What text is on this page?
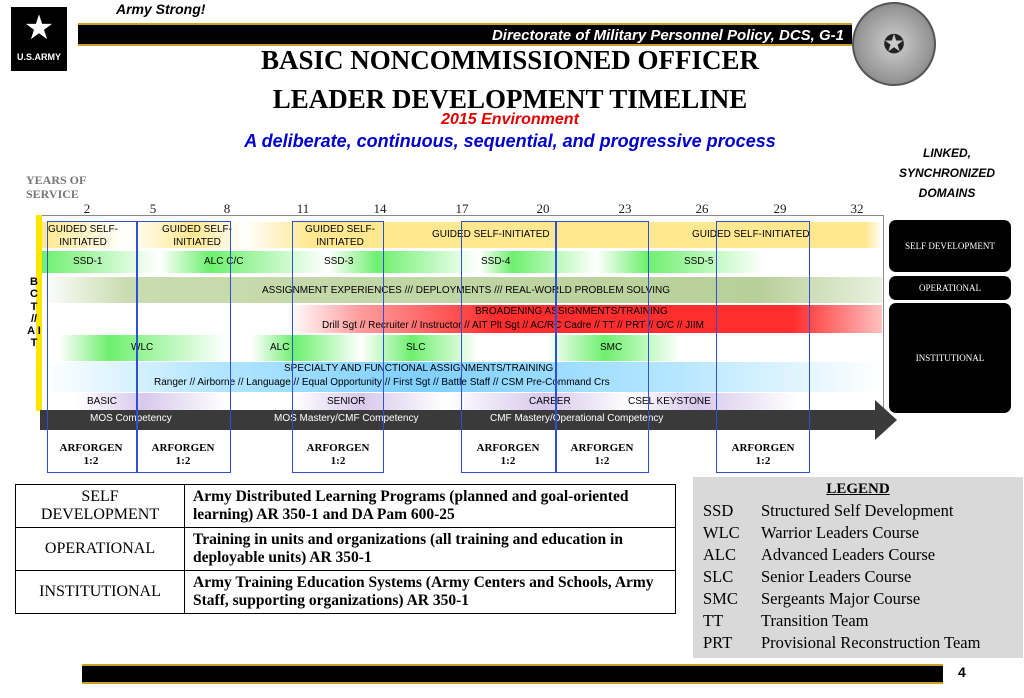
★
U.S.ARMY
Army Strong!
Directorate of Military Personnel Policy, DCS, G-1	✪
BASIC NONCOMMISSIONED OFFICER
LEADER DEVELOPMENT TIMELINE
2015 Environment
A deliberate, continuous, sequential, and progressive process
LINKED, SYNCHRONIZED DOMAINS
YEARS OF SERVICE
2	5	8	11	14	17	20	23	26	29	32
GUIDED SELF- INITIATED
GUIDED SELF- INITIATED
GUIDED SELF- INITIATED
GUIDED SELF-INITIATED	GUIDED SELF-INITIATED
SSD-1	ALC C/C	SSD-3	SSD-4	SSD-5
ASSIGNMENT EXPERIENCES /// DEPLOYMENTS /// REAL-WORLD PROBLEM SOLVING
BROADENING ASSIGNMENTS/TRAINING
Drill Sgt // Recruiter // Instructor // AIT Plt Sgt // AC/RC Cadre // TT // PRT // O/C // JIIM
WLC	ALC	SLC	SMC
SPECIALTY AND FUNCTIONAL ASSIGNMENTS/TRAINING
Ranger // Airborne // Language // Equal Opportunity // First Sgt // Battle Staff // CSM Pre-Command Crs
BASIC	SENIOR	CAREER	CSEL KEYSTONE
B C T // A I T
MOS Competency	MOS Mastery/CMF Competency	CMF Mastery/Operational Competency
ARFORGEN 1:2
ARFORGEN 1:2
ARFORGEN 1:2
ARFORGEN 1:2
ARFORGEN 1:2
ARFORGEN 1:2
SELF DEVELOPMENT
OPERATIONAL
INSTITUTIONAL
SELF DEVELOPMENT	Army Distributed Learning Programs (planned and goal-oriented learning) AR 350-1 and DA Pam 600-25
OPERATIONAL	Training in units and organizations (all training and education in deployable units) AR 350-1
INSTITUTIONAL	Army Training Education Systems (Army Centers and Schools, Army Staff, supporting organizations) AR 350-1
LEGEND
SSD Structured Self Development
WLC Warrior Leaders Course
ALC Advanced Leaders Course
SLC Senior Leaders Course
SMC Sergeants Major Course
TT Transition Team
PRT Provisional Reconstruction Team
4
